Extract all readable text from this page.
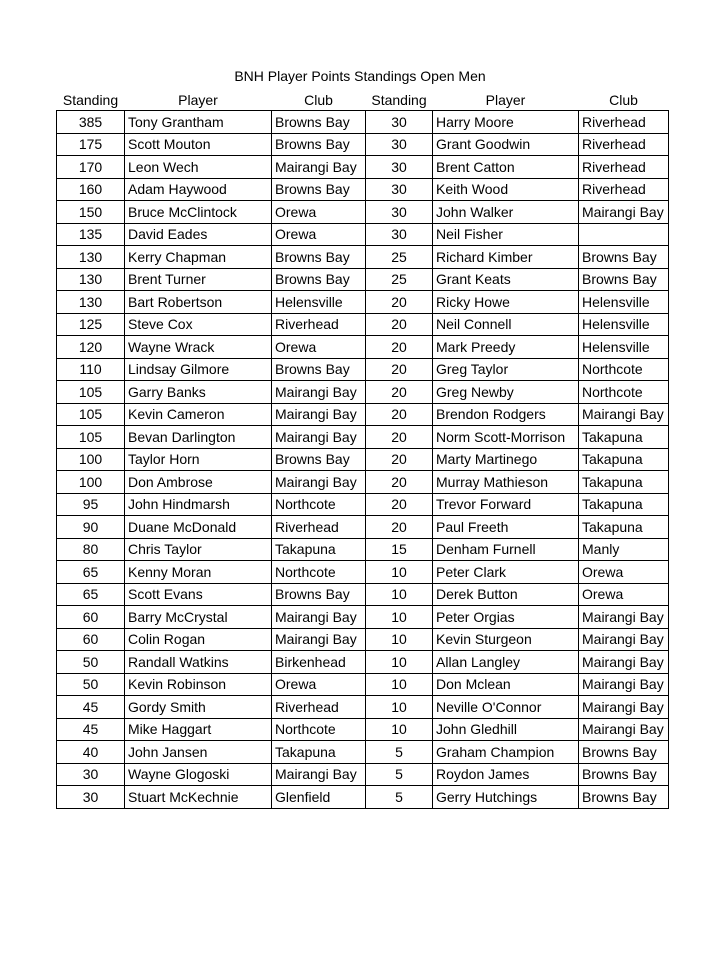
BNH Player Points Standings Open Men
Standing	Player	Club	Standing	Player	Club
385	Tony Grantham	Browns Bay	30	Harry Moore	Riverhead
175	Scott Mouton	Browns Bay	30	Grant Goodwin	Riverhead
170	Leon Wech	Mairangi Bay	30	Brent Catton	Riverhead
160	Adam Haywood	Browns Bay	30	Keith Wood	Riverhead
150	Bruce McClintock	Orewa	30	John Walker	Mairangi Bay
135	David Eades	Orewa	30	Neil Fisher	
130	Kerry Chapman	Browns Bay	25	Richard Kimber	Browns Bay
130	Brent Turner	Browns Bay	25	Grant Keats	Browns Bay
130	Bart Robertson	Helensville	20	Ricky Howe	Helensville
125	Steve Cox	Riverhead	20	Neil Connell	Helensville
120	Wayne Wrack	Orewa	20	Mark Preedy	Helensville
110	Lindsay Gilmore	Browns Bay	20	Greg Taylor	Northcote
105	Garry Banks	Mairangi Bay	20	Greg Newby	Northcote
105	Kevin Cameron	Mairangi Bay	20	Brendon Rodgers	Mairangi Bay
105	Bevan Darlington	Mairangi Bay	20	Norm Scott-Morrison	Takapuna
100	Taylor Horn	Browns Bay	20	Marty Martinego	Takapuna
100	Don Ambrose	Mairangi Bay	20	Murray Mathieson	Takapuna
95	John Hindmarsh	Northcote	20	Trevor Forward	Takapuna
90	Duane McDonald	Riverhead	20	Paul Freeth	Takapuna
80	Chris Taylor	Takapuna	15	Denham Furnell	Manly
65	Kenny Moran	Northcote	10	Peter Clark	Orewa
65	Scott Evans	Browns Bay	10	Derek Button	Orewa
60	Barry McCrystal	Mairangi Bay	10	Peter Orgias	Mairangi Bay
60	Colin Rogan	Mairangi Bay	10	Kevin Sturgeon	Mairangi Bay
50	Randall Watkins	Birkenhead	10	Allan Langley	Mairangi Bay
50	Kevin Robinson	Orewa	10	Don Mclean	Mairangi Bay
45	Gordy Smith	Riverhead	10	Neville O'Connor	Mairangi Bay
45	Mike Haggart	Northcote	10	John Gledhill	Mairangi Bay
40	John Jansen	Takapuna	5	Graham Champion	Browns Bay
30	Wayne Glogoski	Mairangi Bay	5	Roydon James	Browns Bay
30	Stuart McKechnie	Glenfield	5	Gerry Hutchings	Browns Bay
